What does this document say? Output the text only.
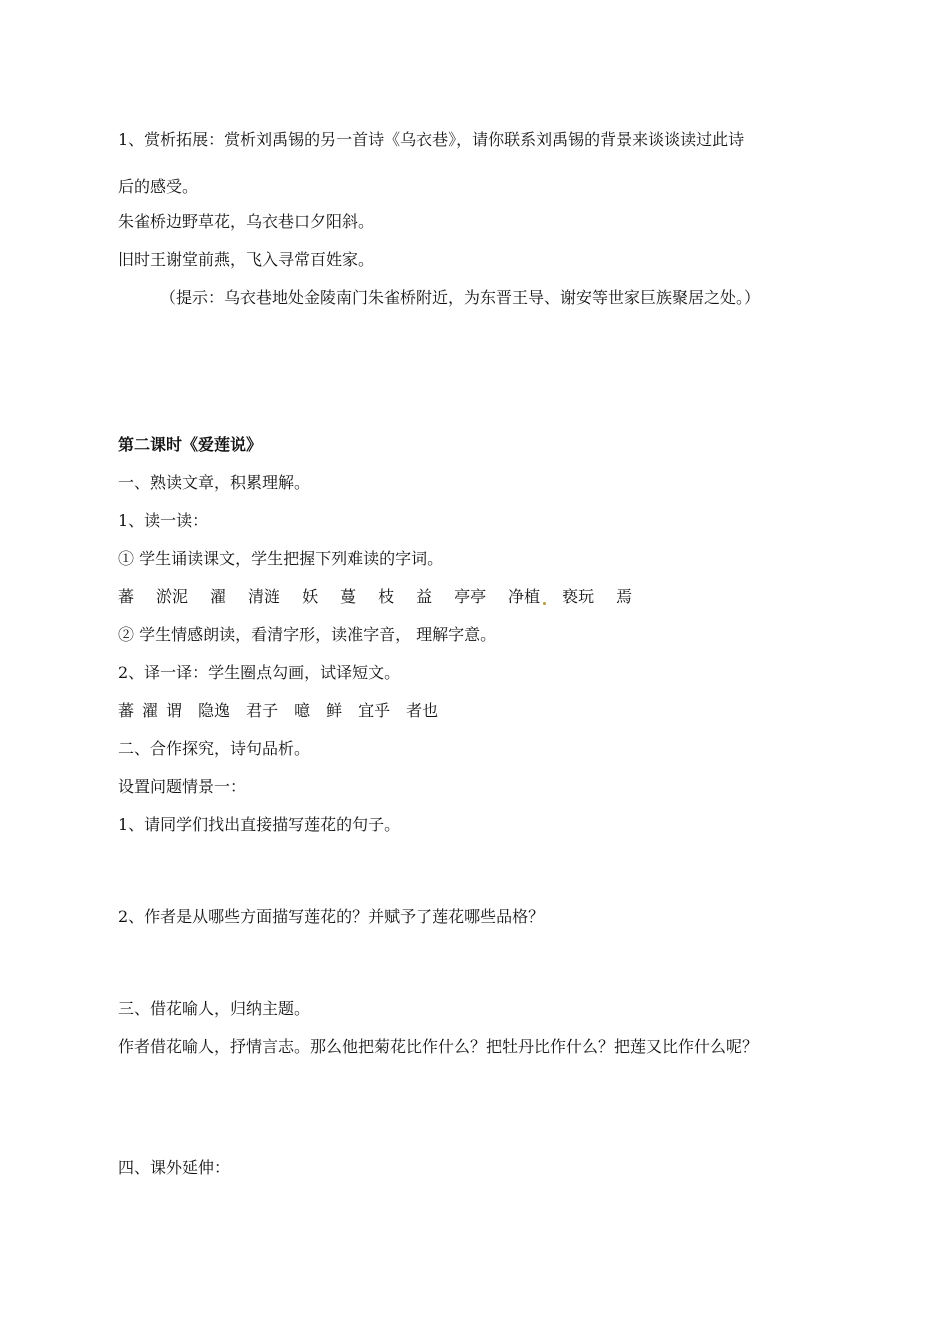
1、赏析拓展：赏析刘禹锡的另一首诗《乌衣巷》，请你联系刘禹锡的背景来谈谈读过此诗
后的感受。
朱雀桥边野草花，乌衣巷口夕阳斜。
旧时王谢堂前燕，飞入寻常百姓家。
（提示：乌衣巷地处金陵南门朱雀桥附近，为东晋王导、谢安等世家巨族聚居之处。）
第二课时《爱莲说》
一、熟读文章，积累理解。
1、读一读：
① 学生诵读课文，学生把握下列难读的字词。
蕃 淤泥 濯 清涟 妖 蔓 枝 益 亭亭 净植 亵玩 焉
② 学生情感朗读，看清字形，读准字音， 理解字意。
2、译一译：学生圈点勾画，试译短文。
蕃 濯 谓 隐逸 君子 噫 鲜 宜乎 者也
二、合作探究，诗句品析。
设置问题情景一：
1、请同学们找出直接描写莲花的句子。
2、作者是从哪些方面描写莲花的？并赋予了莲花哪些品格？
三、借花喻人，归纳主题。
作者借花喻人，抒情言志。那么他把菊花比作什么？把牡丹比作什么？把莲又比作什么呢？
四、课外延伸：
